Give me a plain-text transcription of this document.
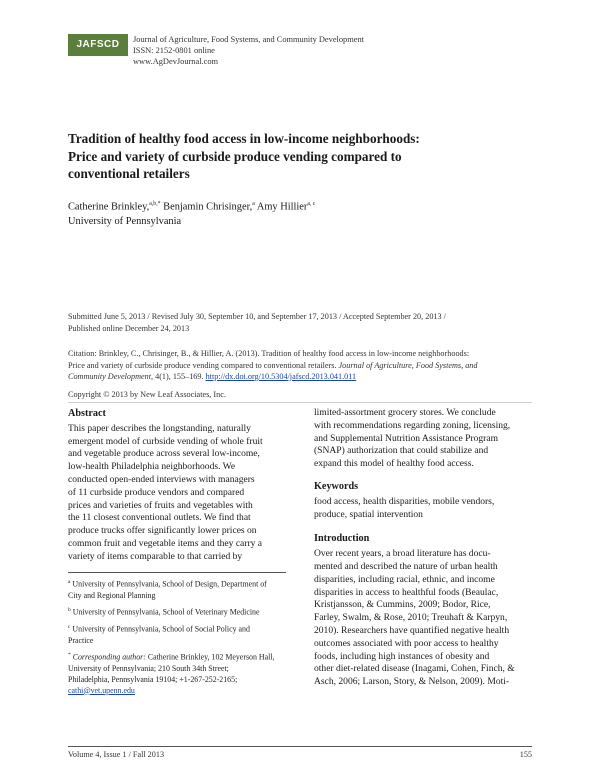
JAFSCD	Journal of Agriculture, Food Systems, and Community Development
ISSN: 2152-0801 online
www.AgDevJournal.com
Tradition of healthy food access in low-income neighborhoods:
Price and variety of curbside produce vending compared to
conventional retailers
Catherine Brinkley,$^{a,b,*}$ Benjamin Chrisinger,$^a$ Amy Hillier$^{a, c}$
University of Pennsylvania
Submitted June 5, 2013 / Revised July 30, September 10, and September 17, 2013 / Accepted September 20, 2013 /
Published online December 24, 2013
Citation: Brinkley, C., Chrisinger, B., & Hillier, A. (2013). Tradition of healthy food access in low-income neighborhoods:
Price and variety of curbside produce vending compared to conventional retailers. Journal of Agriculture, Food Systems, and
Community Development, 4(1), 155–169. http://dx.doi.org/10.5304/jafscd.2013.041.011
Copyright © 2013 by New Leaf Associates, Inc.
Abstract
This paper describes the longstanding, naturally
emergent model of curbside vending of whole fruit
and vegetable produce across several low-income,
low-health Philadelphia neighborhoods. We
conducted open-ended interviews with managers
of 11 curbside produce vendors and compared
prices and varieties of fruits and vegetables with
the 11 closest conventional outlets. We find that
produce trucks offer significantly lower prices on
common fruit and vegetable items and they carry a
variety of items comparable to that carried by
$^a$ University of Pennsylvania, School of Design, Department of
City and Regional Planning
$^b$ University of Pennsylvania, School of Veterinary Medicine
$^c$ University of Pennsylvania, School of Social Policy and
Practice
* Corresponding author: Catherine Brinkley, 102 Meyerson Hall,
University of Pennsylvania; 210 South 34th Street;
Philadelphia, Pennsylvania 19104; +1-267-252-2165;
cathi@vet.upenn.edu
limited-assortment grocery stores. We conclude
with recommendations regarding zoning, licensing,
and Supplemental Nutrition Assistance Program
(SNAP) authorization that could stabilize and
expand this model of healthy food access.
Keywords
food access, health disparities, mobile vendors,
produce, spatial intervention
Introduction
Over recent years, a broad literature has docu-
mented and described the nature of urban health
disparities, including racial, ethnic, and income
disparities in access to healthful foods (Beaulac,
Kristjansson, & Cummins, 2009; Bodor, Rice,
Farley, Swalm, & Rose, 2010; Treuhaft & Karpyn,
2010). Researchers have quantified negative health
outcomes associated with poor access to healthy
foods, including high instances of obesity and
other diet-related disease (Inagami, Cohen, Finch, &
Asch, 2006; Larson, Story, & Nelson, 2009). Moti-
Volume 4, Issue 1 / Fall 2013	155
